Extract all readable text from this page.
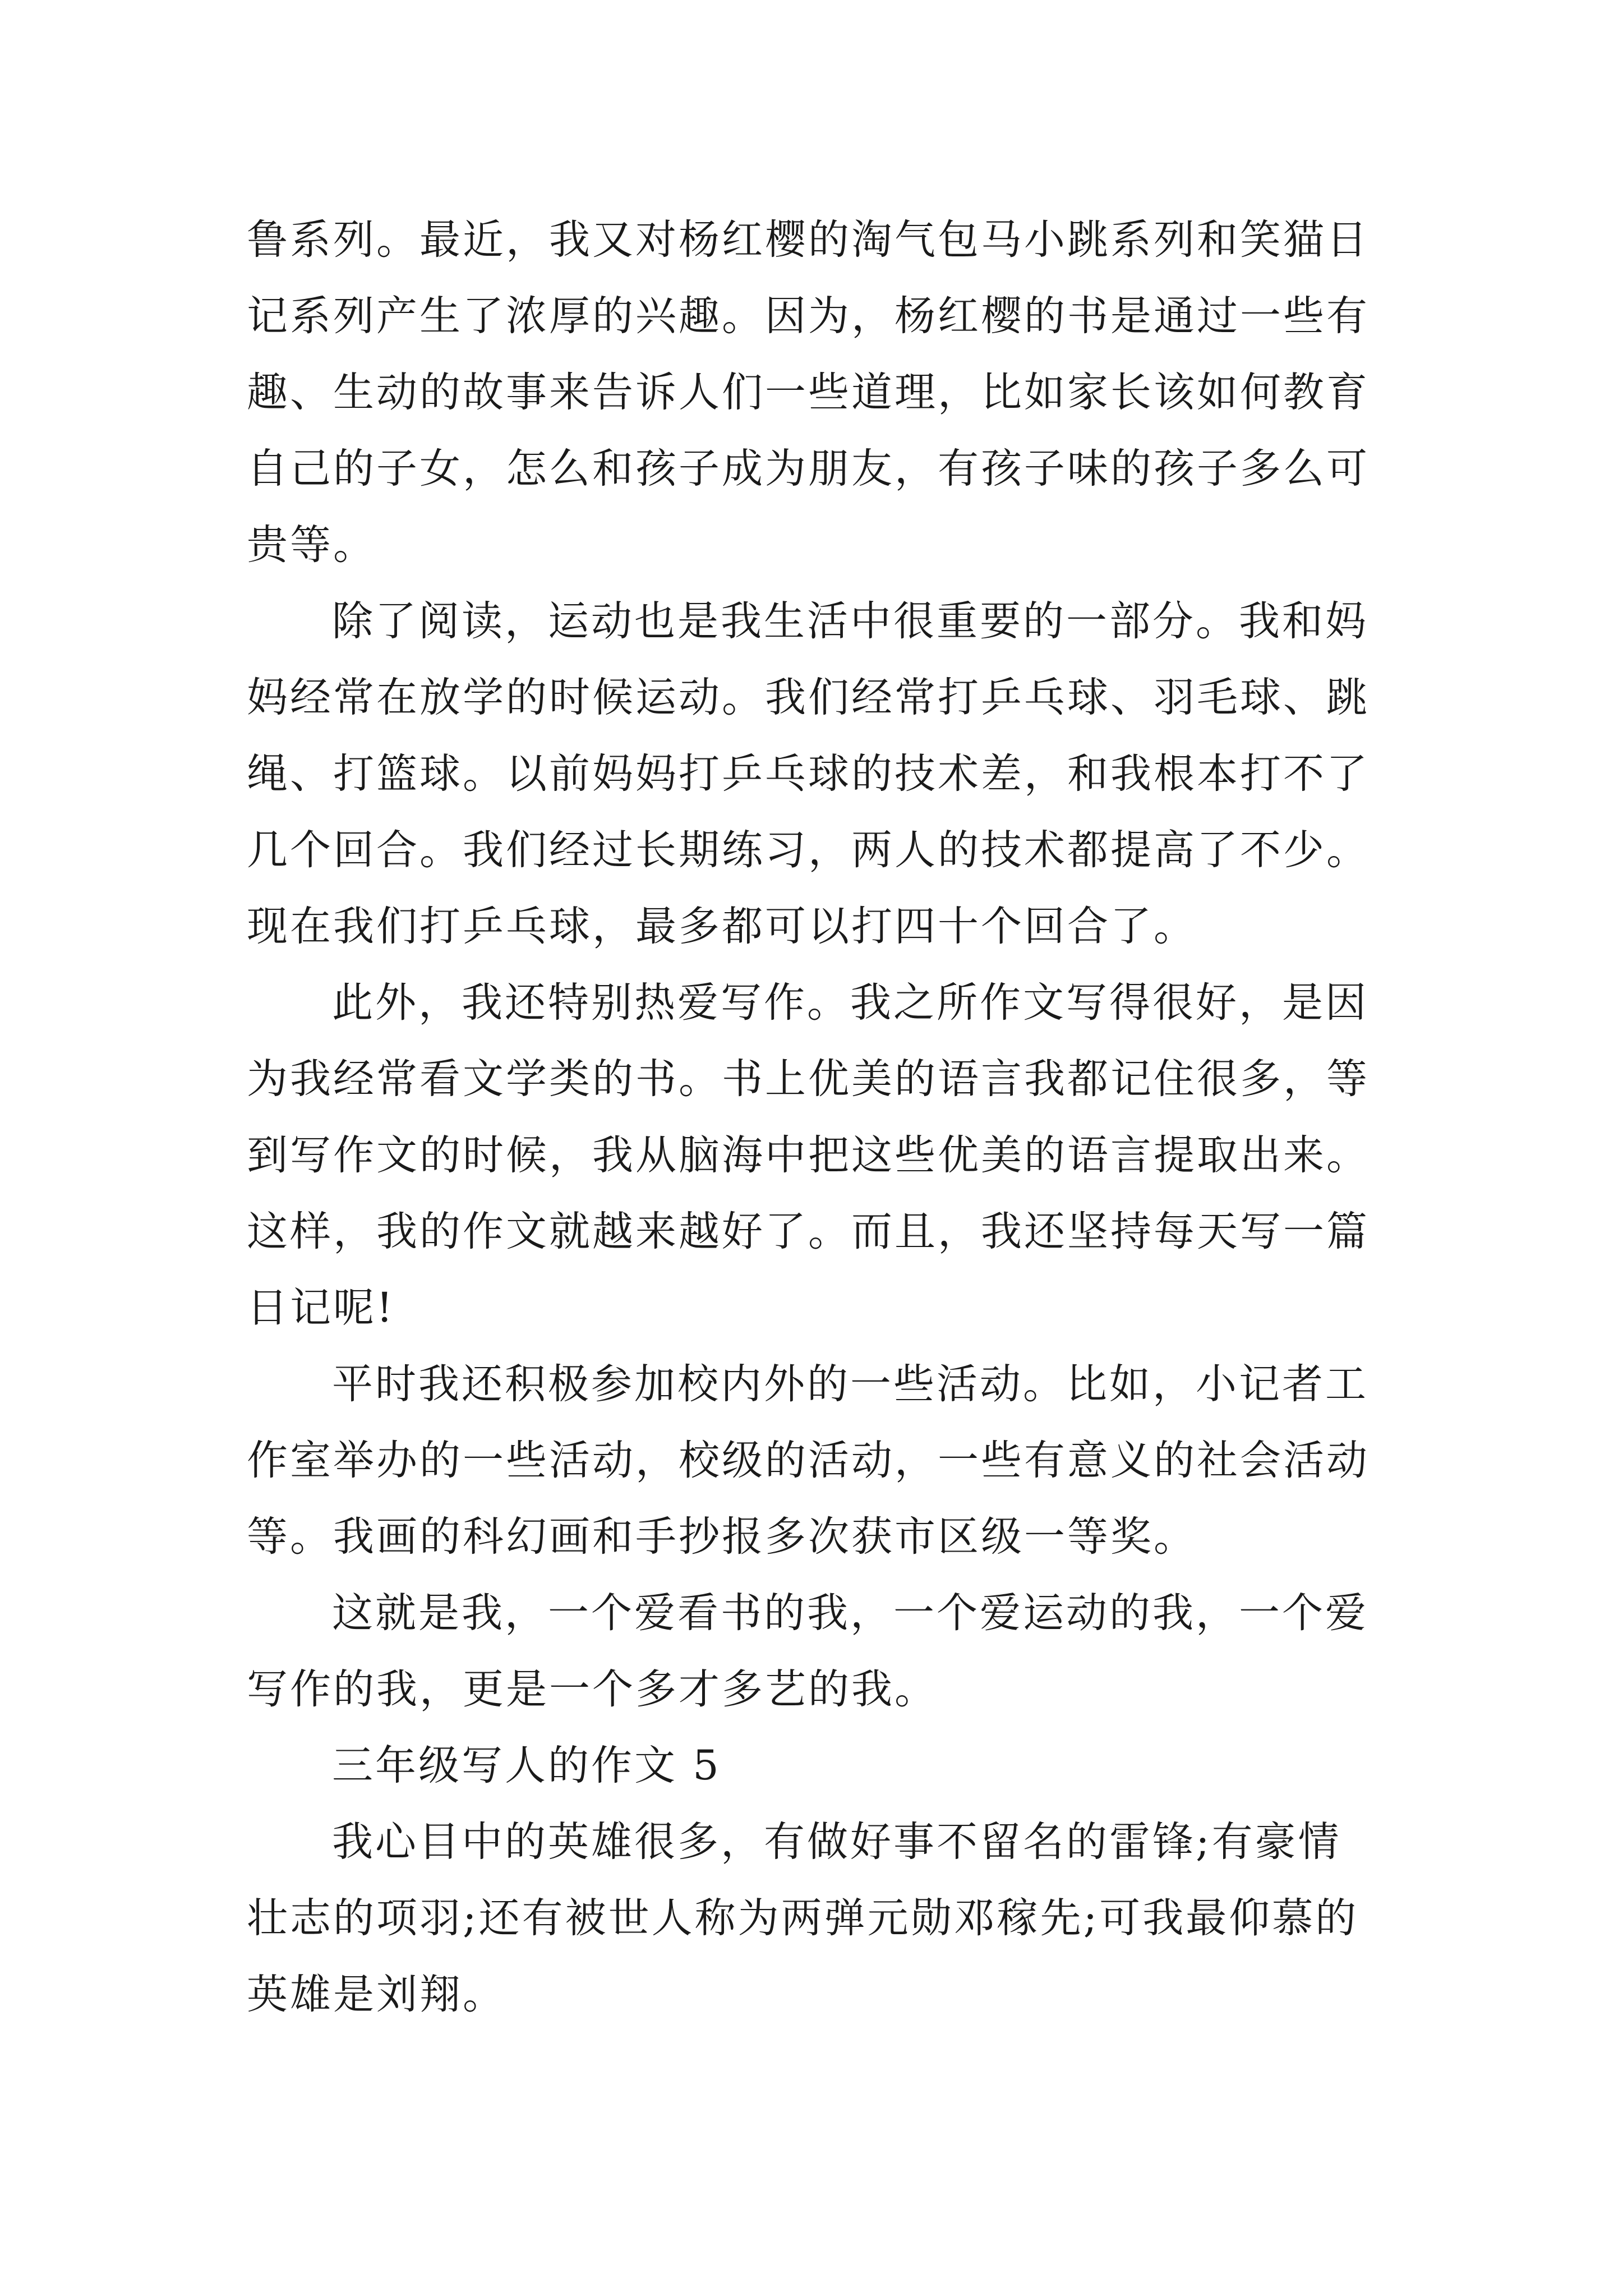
鲁系列。最近，我又对杨红樱的淘气包马小跳系列和笑猫日
记系列产生了浓厚的兴趣。因为，杨红樱的书是通过一些有
趣、生动的故事来告诉人们一些道理，比如家长该如何教育
自己的子女，怎么和孩子成为朋友，有孩子味的孩子多么可
贵等。
除了阅读，运动也是我生活中很重要的一部分。我和妈
妈经常在放学的时候运动。我们经常打乒乓球、羽毛球、跳
绳、打篮球。以前妈妈打乒乓球的技术差，和我根本打不了
几个回合。我们经过长期练习，两人的技术都提高了不少。
现在我们打乒乓球，最多都可以打四十个回合了。
此外，我还特别热爱写作。我之所作文写得很好，是因
为我经常看文学类的书。书上优美的语言我都记住很多，等
到写作文的时候，我从脑海中把这些优美的语言提取出来。
这样，我的作文就越来越好了。而且，我还坚持每天写一篇
日记呢!
平时我还积极参加校内外的一些活动。比如，小记者工
作室举办的一些活动，校级的活动，一些有意义的社会活动
等。我画的科幻画和手抄报多次获市区级一等奖。
这就是我，一个爱看书的我，一个爱运动的我，一个爱
写作的我，更是一个多才多艺的我。
三年级写人的作文 5
我心目中的英雄很多，有做好事不留名的雷锋;有豪情
壮志的项羽;还有被世人称为两弹元勋邓稼先;可我最仰慕的
英雄是刘翔。
